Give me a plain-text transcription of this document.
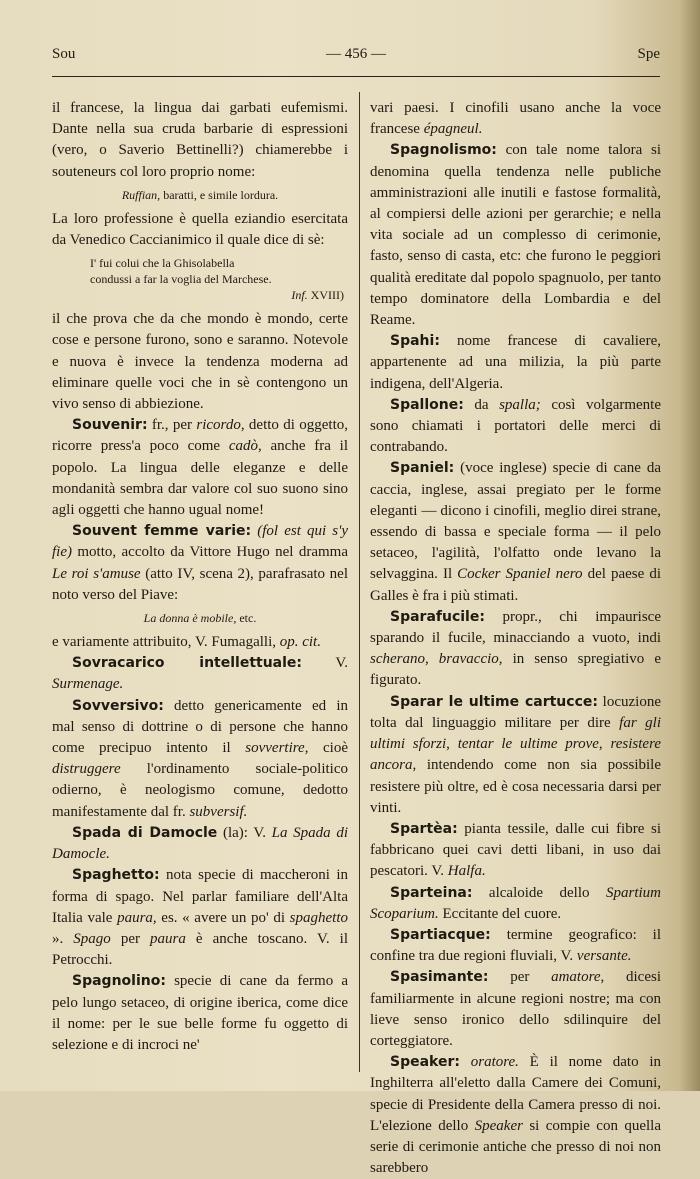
Sou	— 456 —	Spe

il francese, la lingua dai garbati eufemismi. Dante nella sua cruda barbarie di espressioni (vero, o Saverio Bettinelli?) chiamerebbe i souteneurs col loro proprio nome:

Ruffian, baratti, e simile lordura.

La loro professione è quella eziandio esercitata da Venedico Caccianimico il quale dice di sè:

I' fui colui che la Ghisolabella
condussi a far la voglia del Marchese.
Inf. XVIII)

il che prova che da che mondo è mondo, certe cose e persone furono, sono e saranno. Notevole e nuova è invece la tendenza moderna ad eliminare quelle voci che in sè contengono un vivo senso di abbiezione.

Souvenir: fr., per ricordo, detto di oggetto, ricorre press'a poco come cadò, anche fra il popolo. La lingua delle eleganze e delle mondanità sembra dar valore col suo suono sino agli oggetti che hanno ugual nome!

Souvent femme varie: (fol est qui s'y fie) motto, accolto da Vittore Hugo nel dramma Le roi s'amuse (atto IV, scena 2), parafrasato nel noto verso del Piave:

La donna è mobile, etc.

e variamente attribuito, V. Fumagalli, op. cit.

Sovracarico intellettuale: V. Surmenage.

Sovversivo: detto genericamente ed in mal senso di dottrine o di persone che hanno come precipuo intento il sovvertire, cioè distruggere l'ordinamento sociale-politico odierno, è neologismo comune, dedotto manifestamente dal fr. subversif.

Spada di Damocle (la): V. La Spada di Damocle.

Spaghetto: nota specie di maccheroni in forma di spago. Nel parlar familiare dell'Alta Italia vale paura, es. « avere un po' di spaghetto ». Spago per paura è anche toscano. V. il Petrocchi.

Spagnolino: specie di cane da fermo a pelo lungo setaceo, di origine iberica, come dice il nome: per le sue belle forme fu oggetto di selezione e di incroci ne'

vari paesi. I cinofili usano anche la voce francese épagneul.

Spagnolismo: con tale nome talora si denomina quella tendenza nelle publiche amministrazioni alle inutili e fastose formalità, al compiersi delle azioni per gerarchie; e nella vita sociale ad un complesso di cerimonie, fasto, senso di casta, etc: che furono le peggiori qualità ereditate dal popolo spagnuolo, per tanto tempo dominatore della Lombardia e del Reame.

Spahi: nome francese di cavaliere, appartenente ad una milizia, la più parte indigena, dell'Algeria.

Spallone: da spalla; così volgarmente sono chiamati i portatori delle merci di contrabando.

Spaniel: (voce inglese) specie di cane da caccia, inglese, assai pregiato per le forme eleganti — dicono i cinofili, meglio direi strane, essendo di bassa e speciale forma — il pelo setaceo, l'agilità, l'olfatto onde levano la selvaggina. Il Cocker Spaniel nero del paese di Galles è fra i più stimati.

Sparafucile: propr., chi impaurisce sparando il fucile, minacciando a vuoto, indi scherano, bravaccio, in senso spregiativo e figurato.

Sparar le ultime cartucce: locuzione tolta dal linguaggio militare per dire far gli ultimi sforzi, tentar le ultime prove, resistere ancora, intendendo come non sia possibile resistere più oltre, ed è cosa necessaria darsi per vinti.

Spartèa: pianta tessile, dalle cui fibre si fabbricano quei cavi detti libani, in uso dai pescatori. V. Halfa.

Sparteina: alcaloide dello Spartium Scoparium. Eccitante del cuore.

Spartiacque: termine geografico: il confine tra due regioni fluviali, V. versante.

Spasimante: per amatore, dicesi familiarmente in alcune regioni nostre; ma con lieve senso ironico dello sdilinquire del corteggiatore.

Speaker: oratore. È il nome dato in Inghilterra all'eletto dalla Camere dei Comuni, specie di Presidente della Camera presso di noi. L'elezione dello Speaker si compie con quella serie di cerimonie antiche che presso di noi non sarebbero
